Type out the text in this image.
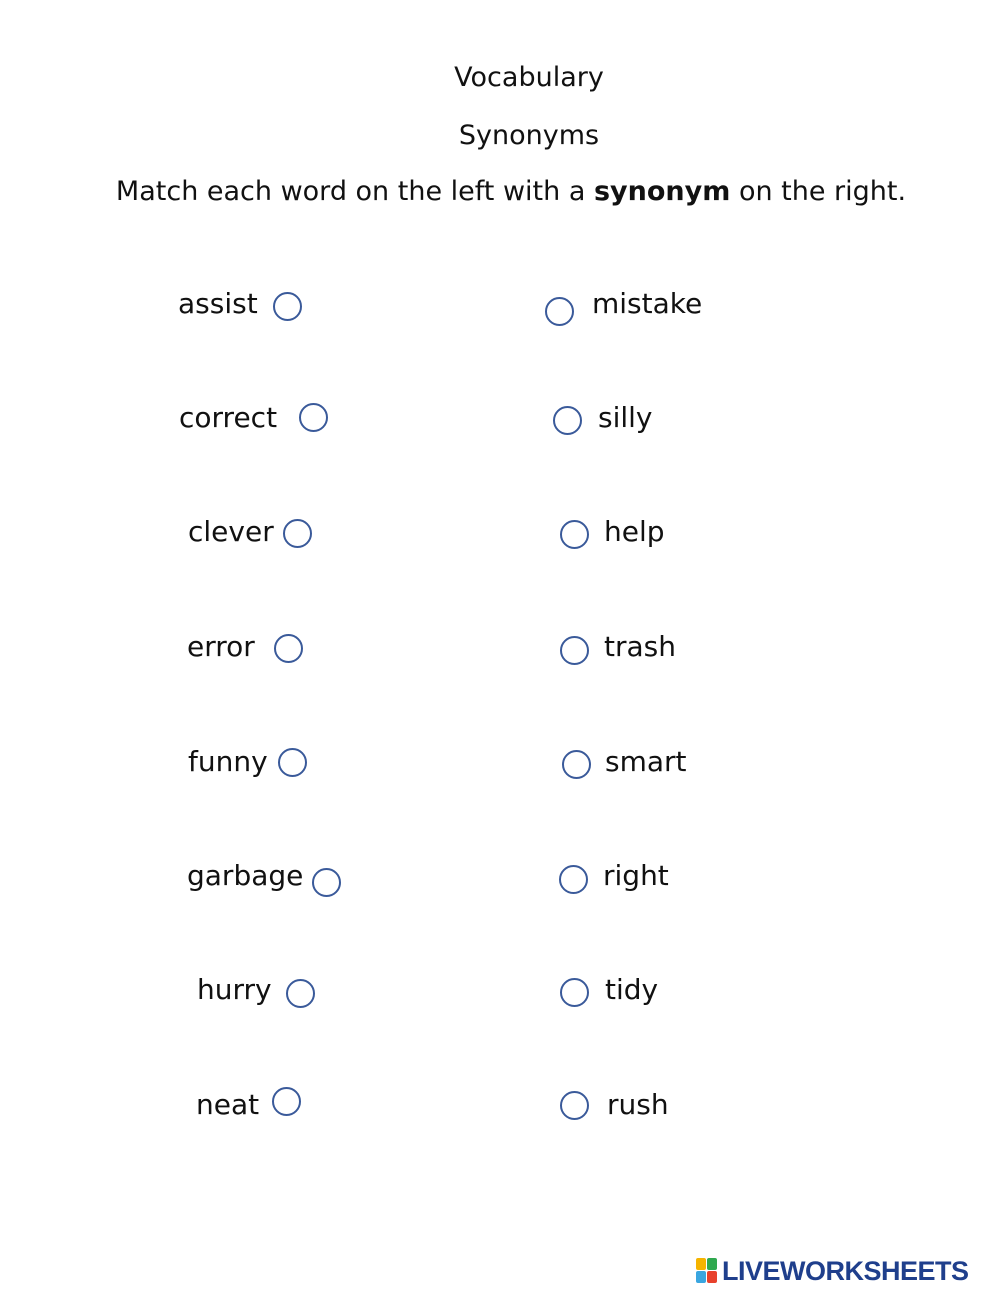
Vocabulary
Synonyms
Match each word on the left with a synonym on the right.
assist
correct
clever
error
funny
garbage
hurry
neat
mistake
silly
help
trash
smart
right
tidy
rush
LIVEWORKSHEETS
